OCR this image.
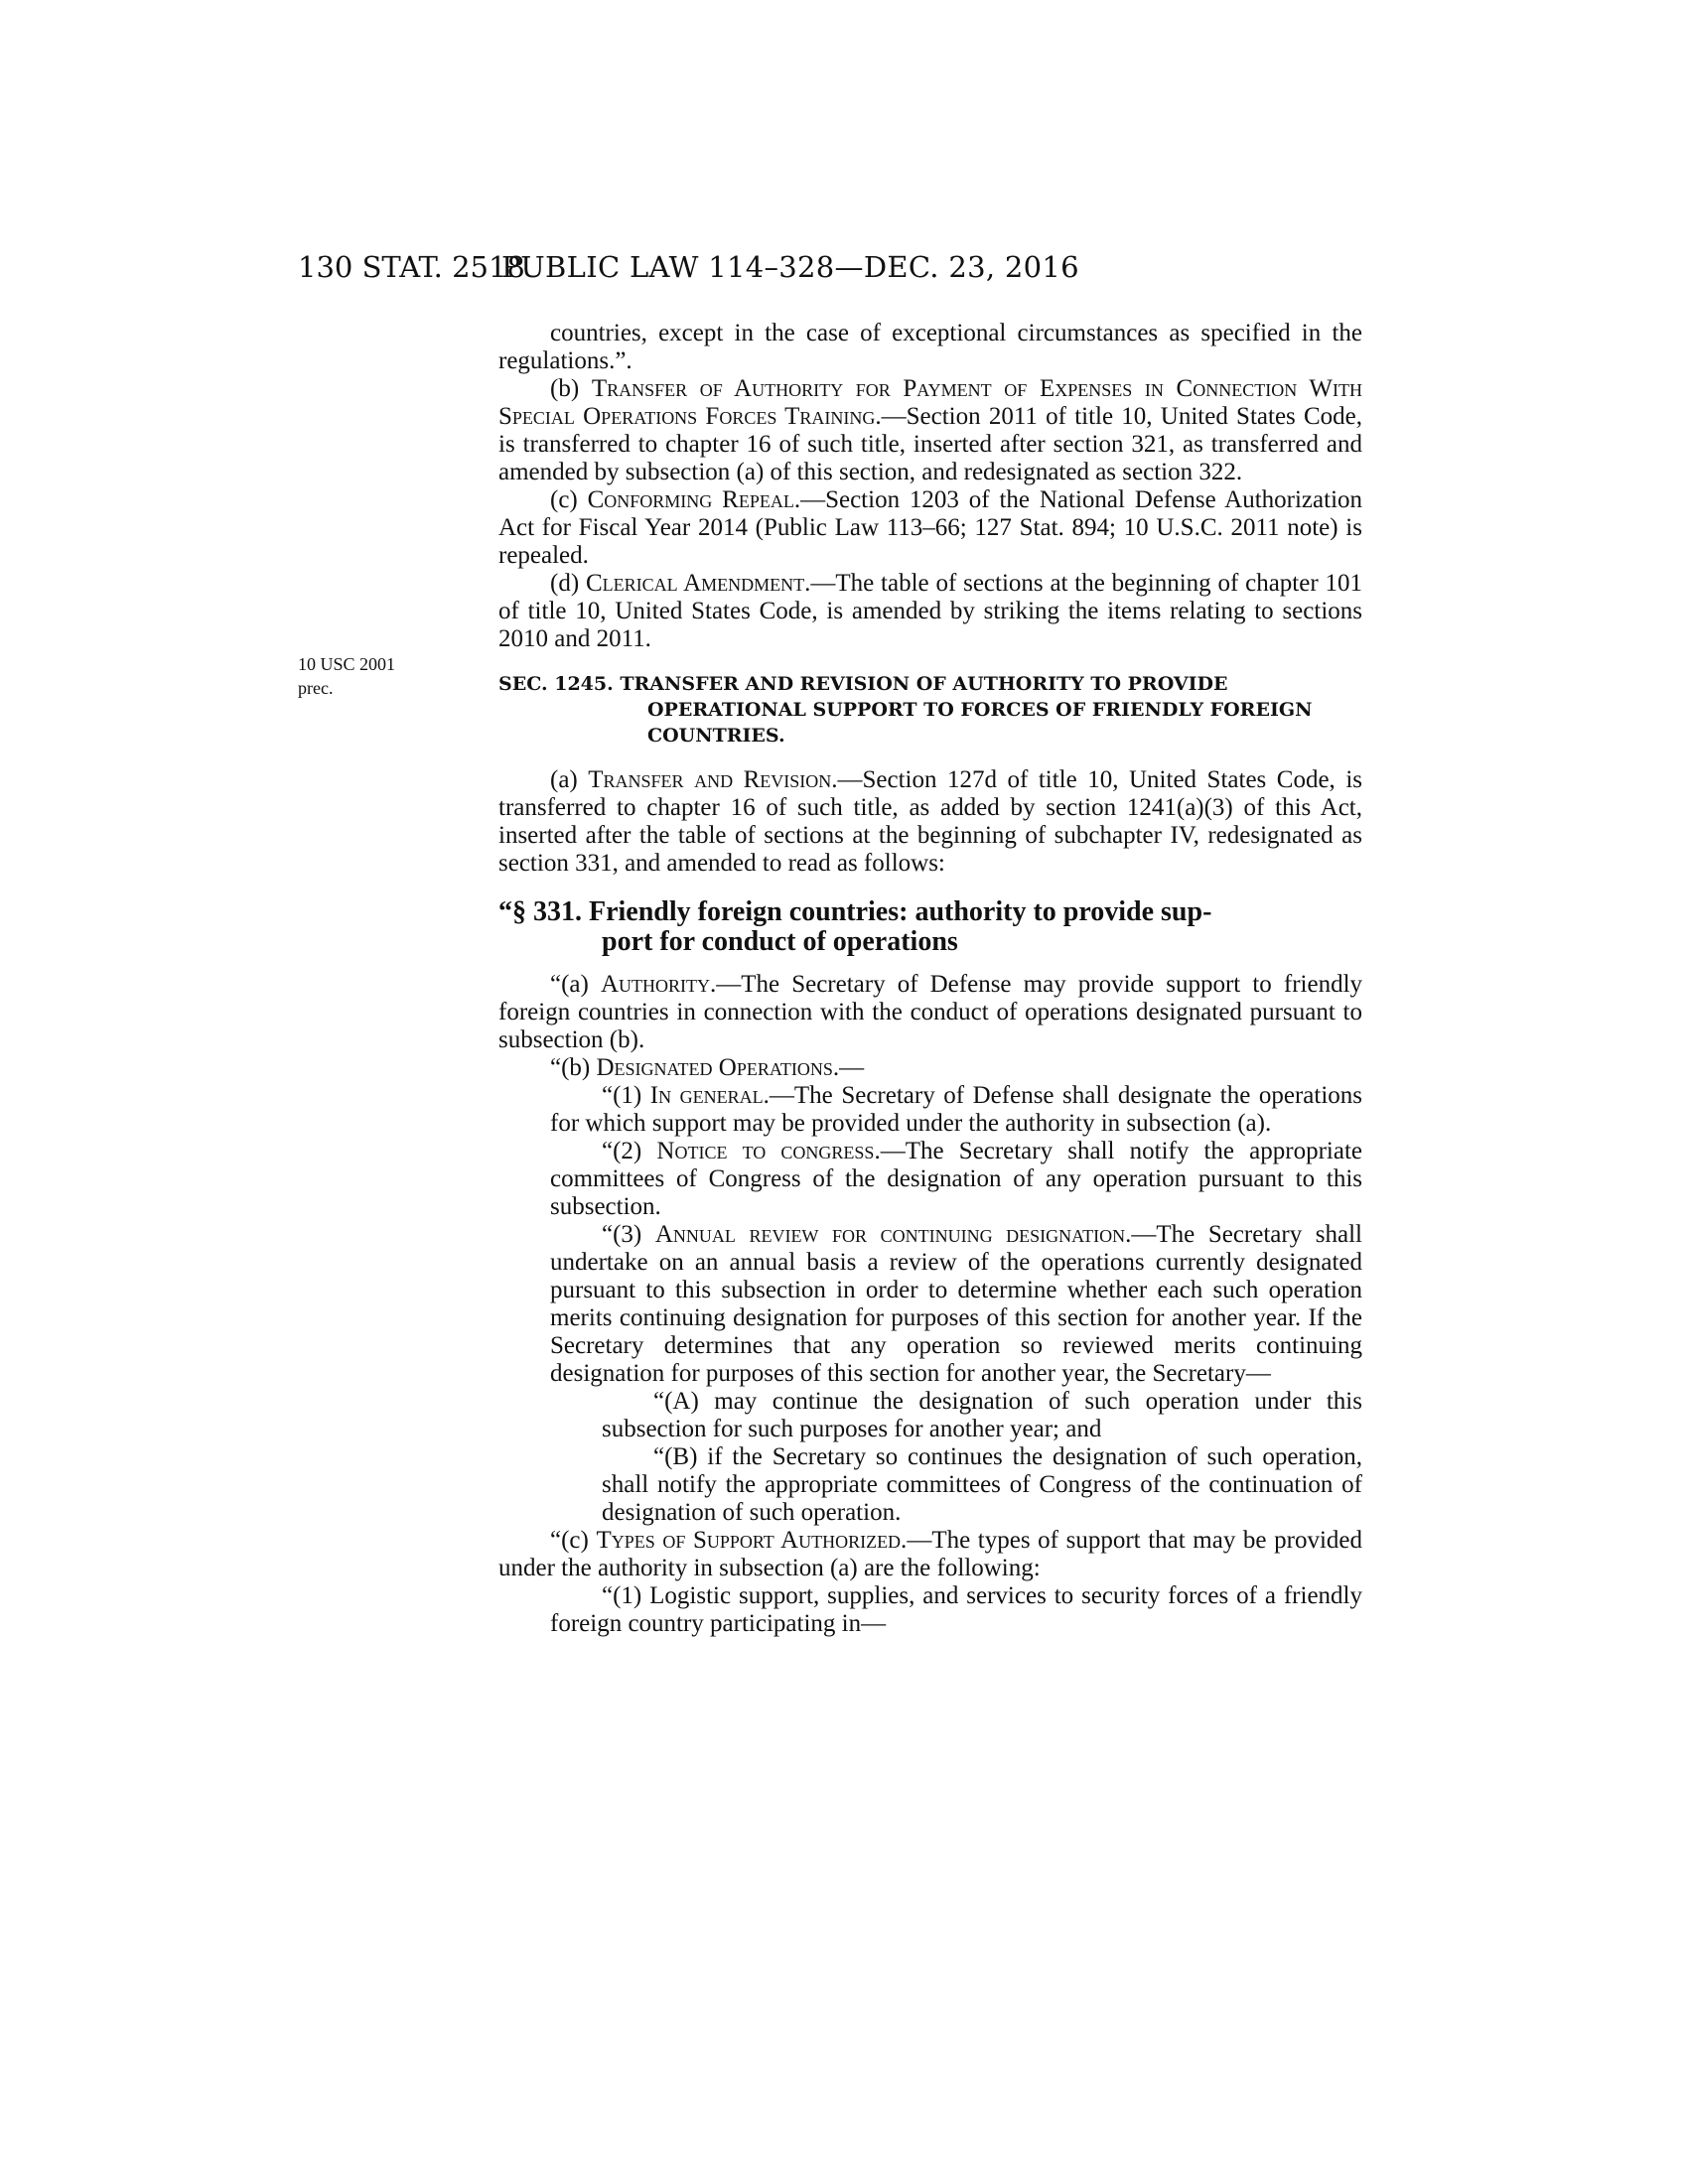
130 STAT. 2518
PUBLIC LAW 114–328—DEC. 23, 2016
10 USC 2001
prec.

countries, except in the case of exceptional circumstances as specified in the regulations.”.

(b) Transfer of Authority for Payment of Expenses in Connection With Special Operations Forces Training.—Section 2011 of title 10, United States Code, is transferred to chapter 16 of such title, inserted after section 321, as transferred and amended by subsection (a) of this section, and redesignated as section 322.

(c) Conforming Repeal.—Section 1203 of the National Defense Authorization Act for Fiscal Year 2014 (Public Law 113–66; 127 Stat. 894; 10 U.S.C. 2011 note) is repealed.

(d) Clerical Amendment.—The table of sections at the beginning of chapter 101 of title 10, United States Code, is amended by striking the items relating to sections 2010 and 2011.

SEC. 1245. TRANSFER AND REVISION OF AUTHORITY TO PROVIDE OPERATIONAL SUPPORT TO FORCES OF FRIENDLY FOREIGN COUNTRIES.

(a) Transfer and Revision.—Section 127d of title 10, United States Code, is transferred to chapter 16 of such title, as added by section 1241(a)(3) of this Act, inserted after the table of sections at the beginning of subchapter IV, redesignated as section 331, and amended to read as follows:

“§ 331. Friendly foreign countries: authority to provide sup-
port for conduct of operations

“(a) Authority.—The Secretary of Defense may provide support to friendly foreign countries in connection with the conduct of operations designated pursuant to subsection (b).

“(b) Designated Operations.—

“(1) In general.—The Secretary of Defense shall designate the operations for which support may be provided under the authority in subsection (a).

“(2) Notice to congress.—The Secretary shall notify the appropriate committees of Congress of the designation of any operation pursuant to this subsection.

“(3) Annual review for continuing designation.—The Secretary shall undertake on an annual basis a review of the operations currently designated pursuant to this subsection in order to determine whether each such operation merits continuing designation for purposes of this section for another year. If the Secretary determines that any operation so reviewed merits continuing designation for purposes of this section for another year, the Secretary—

“(A) may continue the designation of such operation under this subsection for such purposes for another year; and

“(B) if the Secretary so continues the designation of such operation, shall notify the appropriate committees of Congress of the continuation of designation of such operation.

“(c) Types of Support Authorized.—The types of support that may be provided under the authority in subsection (a) are the following:

“(1) Logistic support, supplies, and services to security forces of a friendly foreign country participating in—
